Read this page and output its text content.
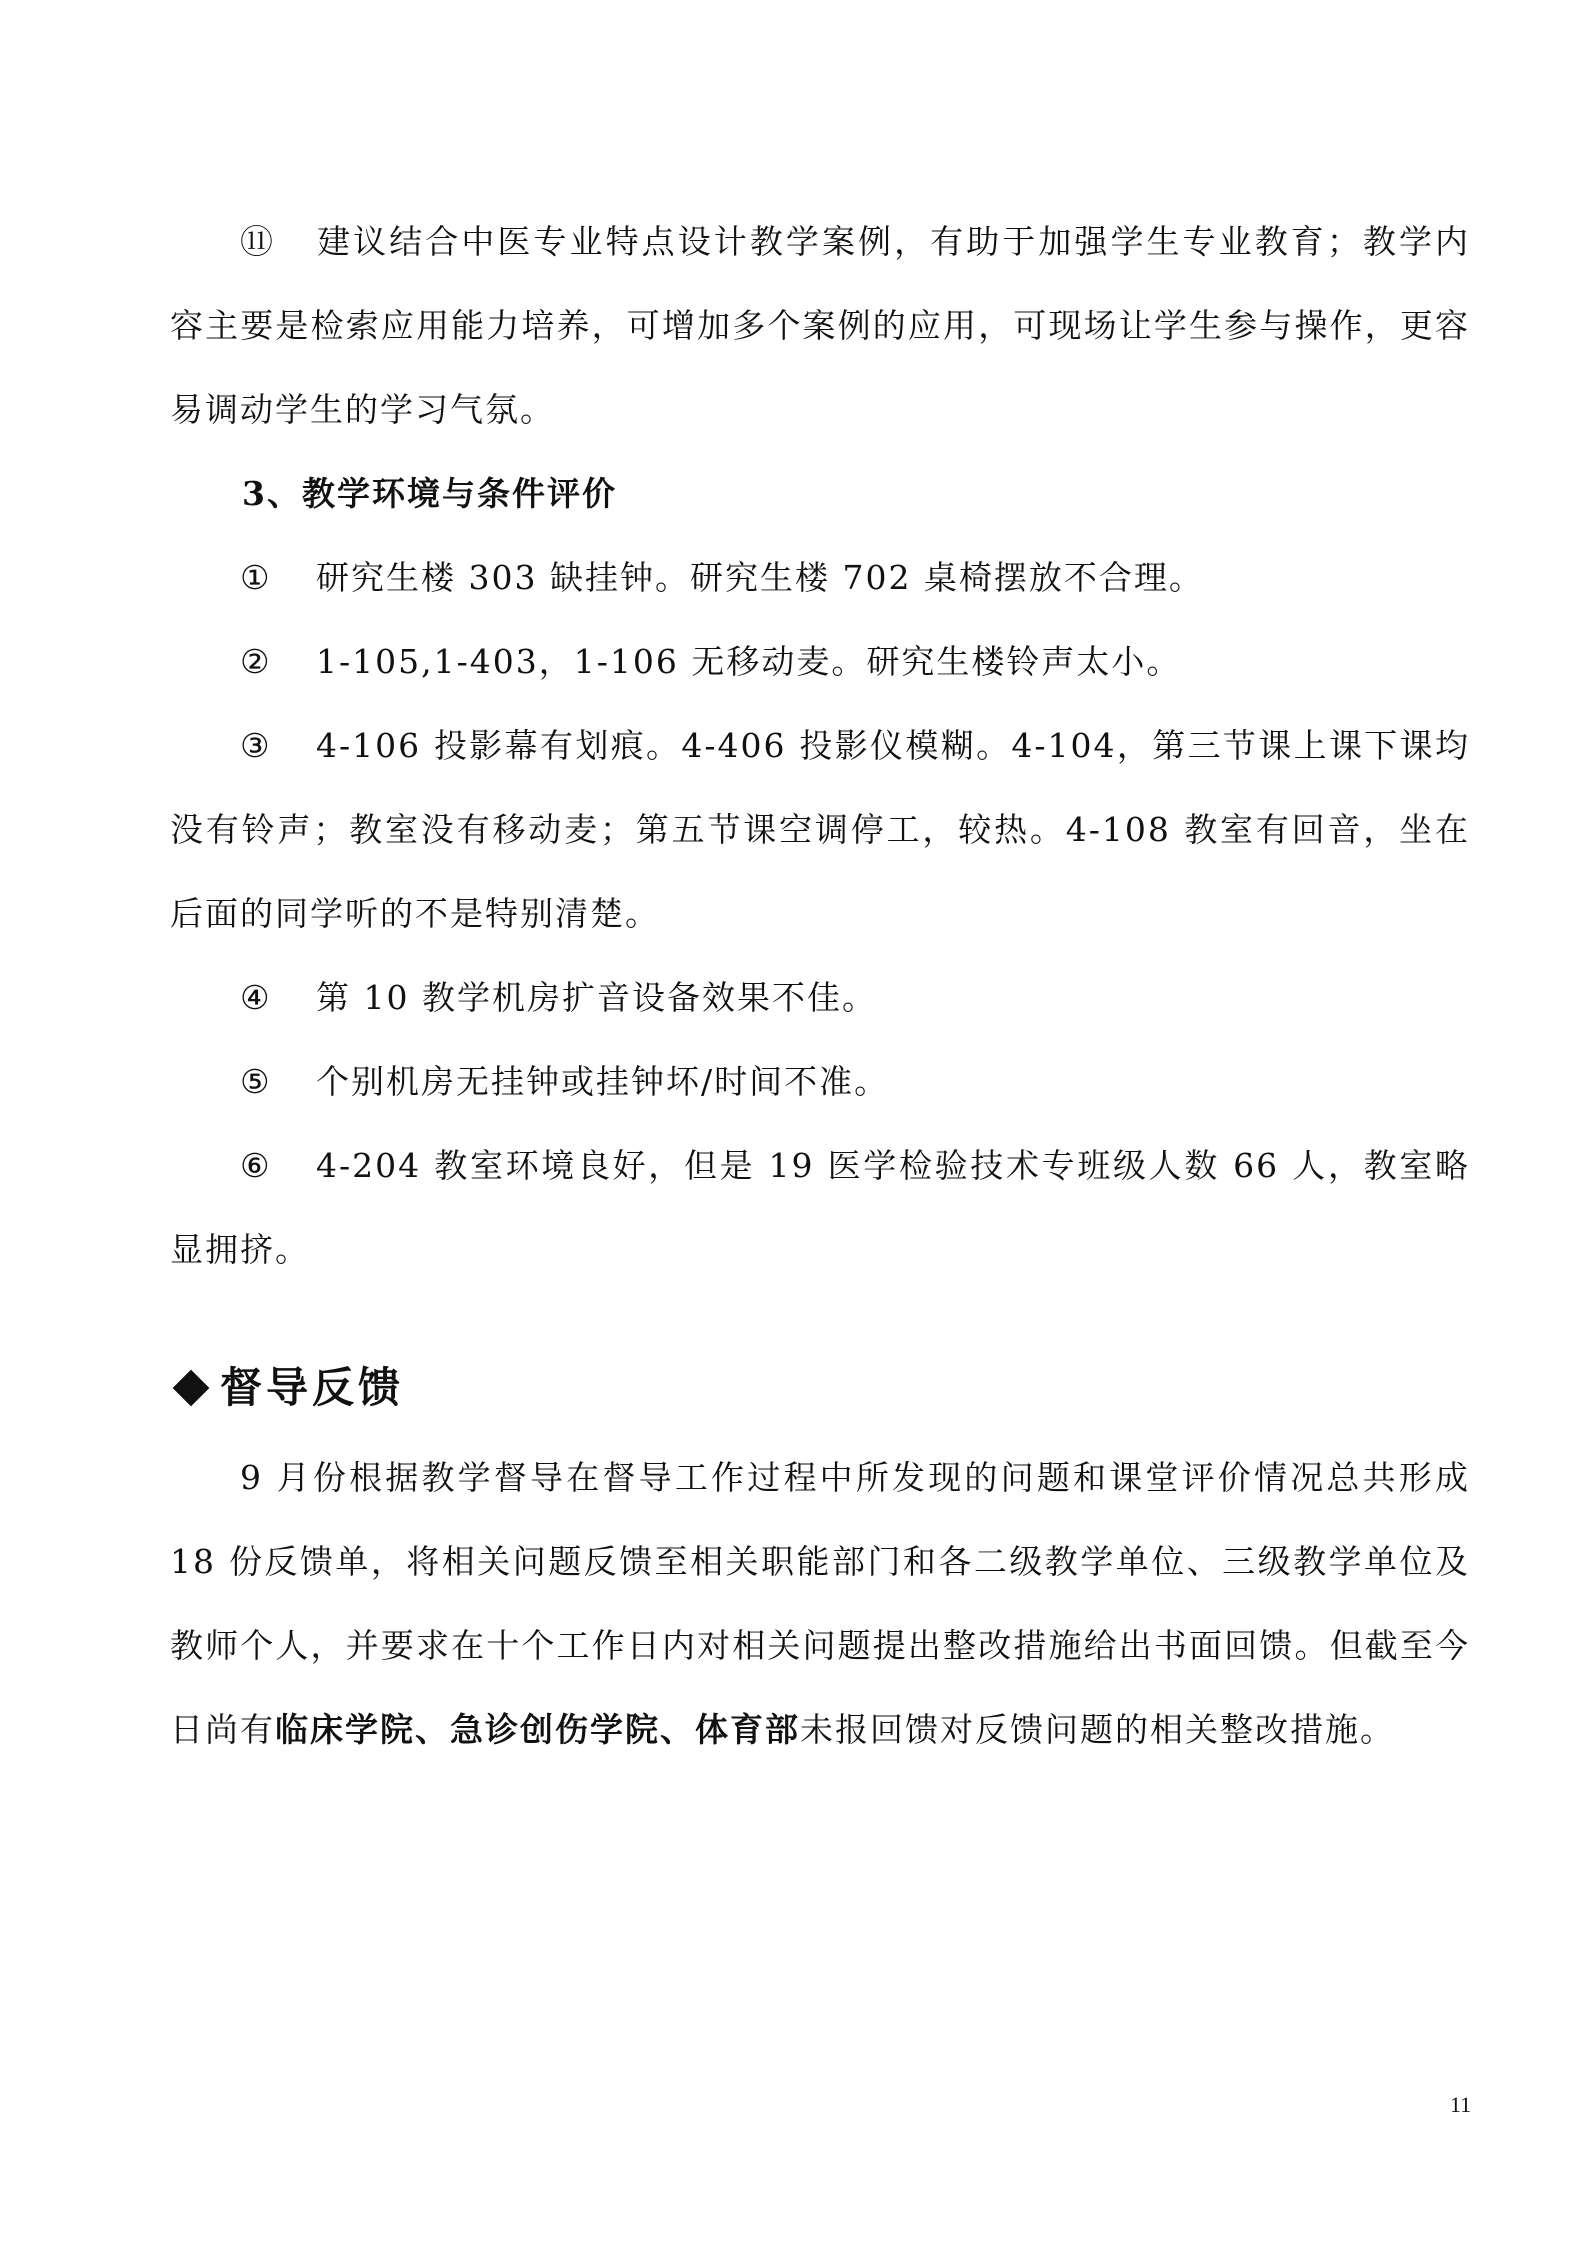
⑪ 建议结合中医专业特点设计教学案例，有助于加强学生专业教育；教学内容主要是检索应用能力培养，可增加多个案例的应用，可现场让学生参与操作，更容易调动学生的学习气氛。

3、教学环境与条件评价

① 研究生楼 303 缺挂钟。研究生楼 702 桌椅摆放不合理。

② 1-105,1-403，1-106 无移动麦。研究生楼铃声太小。

③ 4-106 投影幕有划痕。4-406 投影仪模糊。4-104，第三节课上课下课均没有铃声；教室没有移动麦；第五节课空调停工，较热。4-108 教室有回音，坐在后面的同学听的不是特别清楚。

④ 第 10 教学机房扩音设备效果不佳。

⑤ 个别机房无挂钟或挂钟坏/时间不准。

⑥ 4-204 教室环境良好，但是 19 医学检验技术专班级人数 66 人，教室略显拥挤。

督导反馈

9 月份根据教学督导在督导工作过程中所发现的问题和课堂评价情况总共形成 18 份反馈单，将相关问题反馈至相关职能部门和各二级教学单位、三级教学单位及教师个人，并要求在十个工作日内对相关问题提出整改措施给出书面回馈。但截至今日尚有临床学院、急诊创伤学院、体育部未报回馈对反馈问题的相关整改措施。

11
